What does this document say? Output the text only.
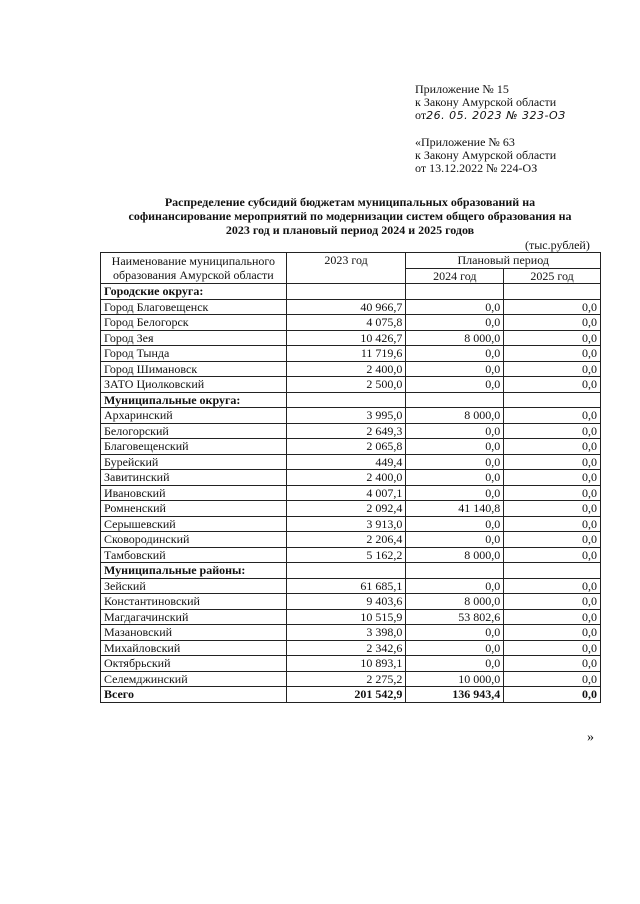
Приложение № 15
к Закону Амурской области
от26. 05. 2023 № 323-ОЗ
«Приложение № 63
к Закону Амурской области
от 13.12.2022 № 224-ОЗ
Распределение субсидий бюджетам муниципальных образований на
софинансирование мероприятий по модернизации систем общего образования на
2023 год и плановый период 2024 и 2025 годов
(тыс.рублей)
Наименование муниципального образования Амурской области	2023 год	Плановый период	
		2024 год	2025 год
Городские округа:			
Город Благовещенск	40 966,7	0,0	0,0
Город Белогорск	4 075,8	0,0	0,0
Город Зея	10 426,7	8 000,0	0,0
Город Тында	11 719,6	0,0	0,0
Город Шимановск	2 400,0	0,0	0,0
ЗАТО Циолковский	2 500,0	0,0	0,0
Муниципальные округа:			
Архаринский	3 995,0	8 000,0	0,0
Белогорский	2 649,3	0,0	0,0
Благовещенский	2 065,8	0,0	0,0
Бурейский	449,4	0,0	0,0
Завитинский	2 400,0	0,0	0,0
Ивановский	4 007,1	0,0	0,0
Ромненский	2 092,4	41 140,8	0,0
Серышевский	3 913,0	0,0	0,0
Сковородинский	2 206,4	0,0	0,0
Тамбовский	5 162,2	8 000,0	0,0
Муниципальные районы:			
Зейский	61 685,1	0,0	0,0
Константиновский	9 403,6	8 000,0	0,0
Магдагачинский	10 515,9	53 802,6	0,0
Мазановский	3 398,0	0,0	0,0
Михайловский	2 342,6	0,0	0,0
Октябрьский	10 893,1	0,0	0,0
Селемджинский	2 275,2	10 000,0	0,0
Всего	201 542,9	136 943,4	0,0
»
